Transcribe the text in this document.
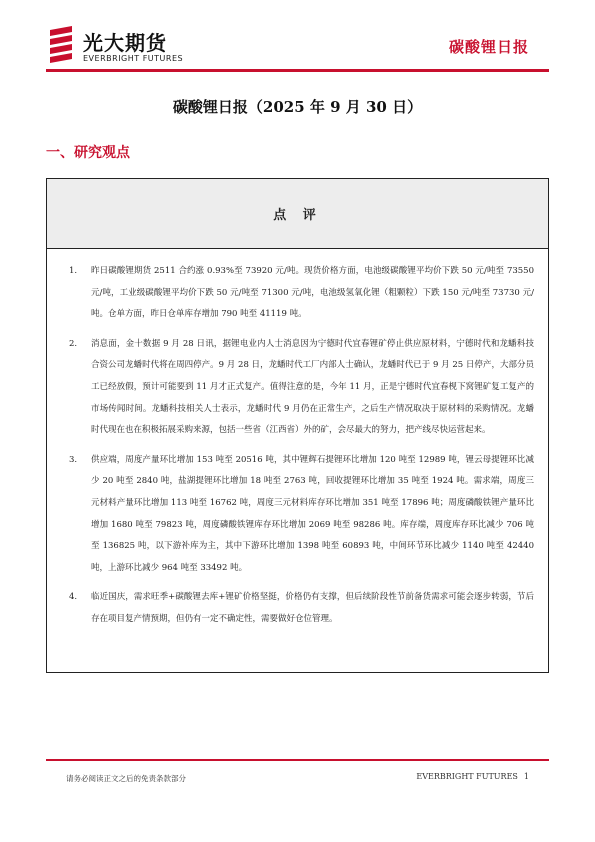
光大期货
EVERBRIGHT FUTURES
碳酸锂日报
碳酸锂日报（2025 年 9 月 30 日）
一、研究观点
点 评
1.	昨日碳酸锂期货 2511 合约涨 0.93%至 73920 元/吨。现货价格方面，电池级碳酸锂平均价下跌 50 元/吨至 73550 元/吨，工业级碳酸锂平均价下跌 50 元/吨至 71300 元/吨，电池级氢氧化锂（粗颗粒）下跌 150 元/吨至 73730 元/吨。仓单方面，昨日仓单库存增加 790 吨至 41119 吨。
2.	消息面，金十数据 9 月 28 日讯，据锂电业内人士消息因为宁德时代宜春锂矿停止供应原材料，宁德时代和龙蟠科技合资公司龙蟠时代将在周四停产。9 月 28 日，龙蟠时代工厂内部人士确认，龙蟠时代已于 9 月 25 日停产，大部分员工已经放假，预计可能要到 11 月才正式复产。值得注意的是，今年 11 月，正是宁德时代宜春枧下窝锂矿复工复产的市场传闻时间。龙蟠科技相关人士表示，龙蟠时代 9 月仍在正常生产，之后生产情况取决于原材料的采购情况。龙蟠时代现在也在积极拓展采购来源，包括一些省（江西省）外的矿，会尽最大的努力，把产线尽快运营起来。
3.	供应端，周度产量环比增加 153 吨至 20516 吨，其中锂辉石提锂环比增加 120 吨至 12989 吨，锂云母提锂环比减少 20 吨至 2840 吨，盐湖提锂环比增加 18 吨至 2763 吨，回收提锂环比增加 35 吨至 1924 吨。需求端，周度三元材料产量环比增加 113 吨至 16762 吨，周度三元材料库存环比增加 351 吨至 17896 吨；周度磷酸铁锂产量环比增加 1680 吨至 79823 吨，周度磷酸铁锂库存环比增加 2069 吨至 98286 吨。库存端，周度库存环比减少 706 吨至 136825 吨，以下游补库为主，其中下游环比增加 1398 吨至 60893 吨，中间环节环比减少 1140 吨至 42440 吨，上游环比减少 964 吨至 33492 吨。
4.	临近国庆，需求旺季+碳酸锂去库+锂矿价格坚挺，价格仍有支撑，但后续阶段性节前备货需求可能会逐步转弱，节后存在项目复产情预期，但仍有一定不确定性，需要做好仓位管理。
请务必阅读正文之后的免责条款部分	EVERBRIGHT FUTURES 1
